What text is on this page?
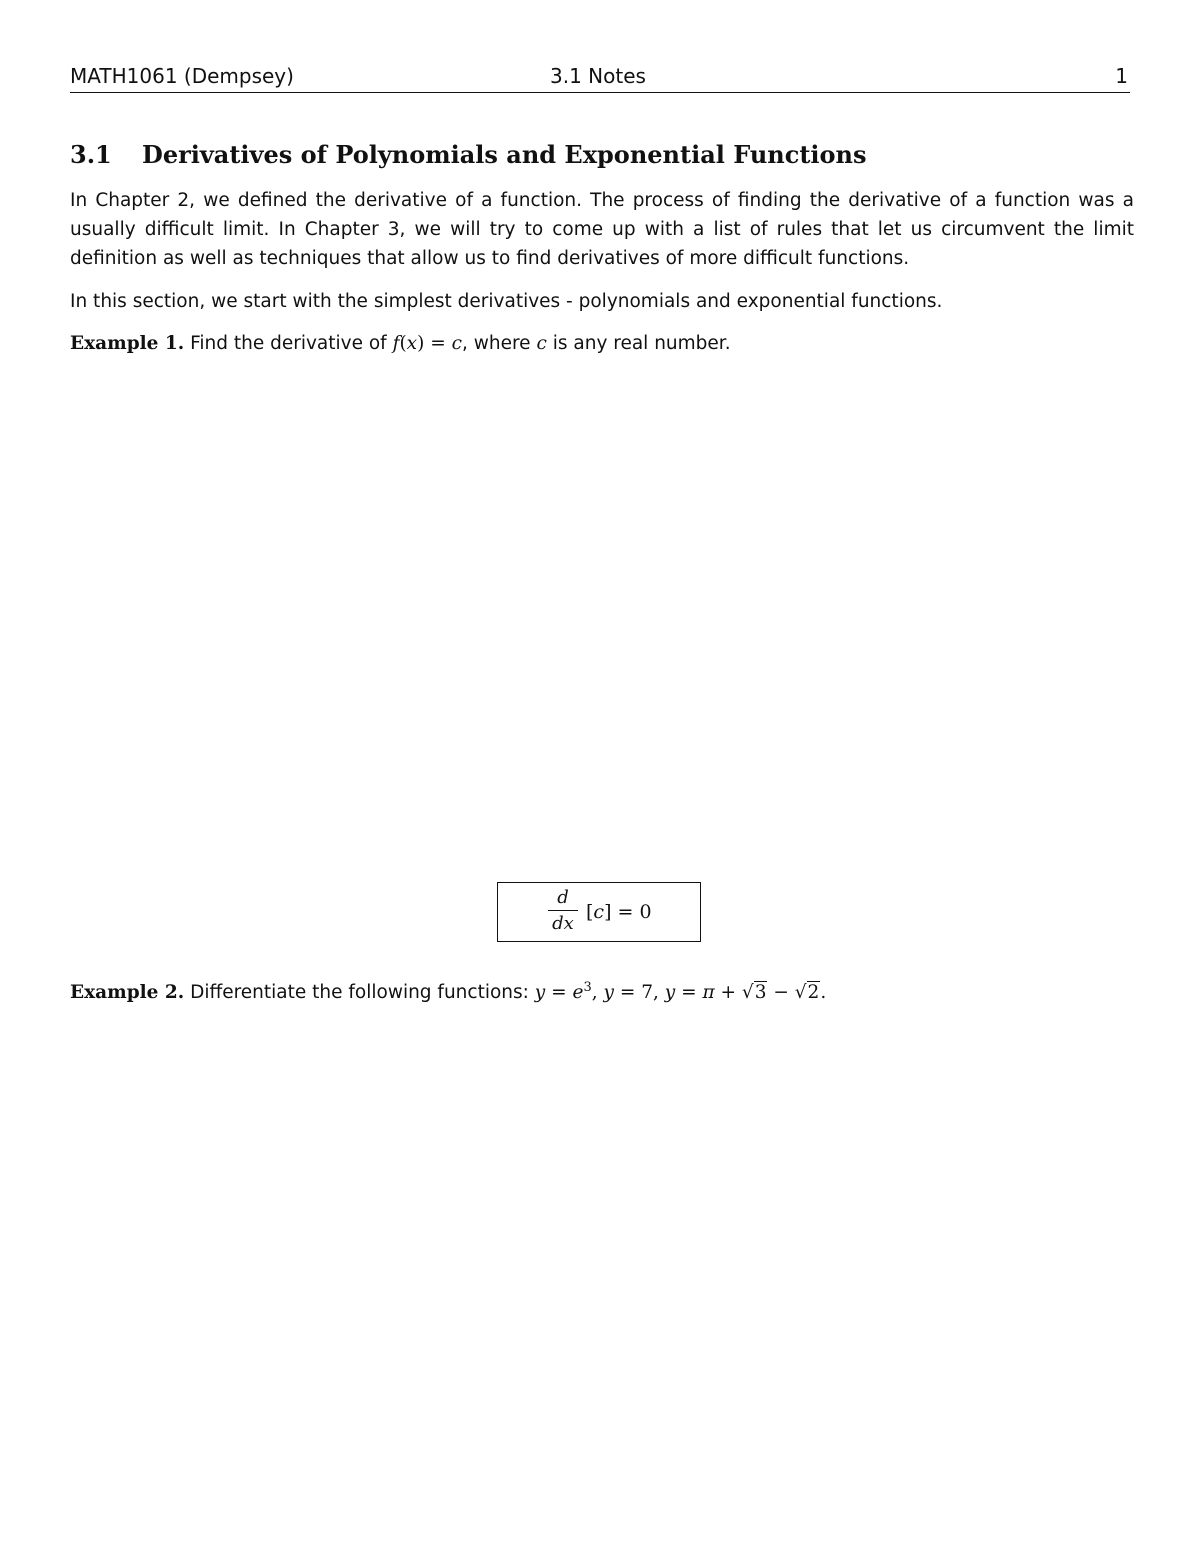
MATH1061 (Dempsey)	3.1 Notes	1
3.1 Derivatives of Polynomials and Exponential Functions
In Chapter 2, we defined the derivative of a function. The process of finding the derivative of a function was a usually difficult limit. In Chapter 3, we will try to come up with a list of rules that let us circumvent the limit definition as well as techniques that allow us to find derivatives of more difficult functions.
In this section, we start with the simplest derivatives - polynomials and exponential functions.
Example 1. Find the derivative of f(x) = c, where c is any real number.
d
dx
[c] = 0
Example 2. Differentiate the following functions: $y = e^3$, y = 7, y = π + √3 − √2.
